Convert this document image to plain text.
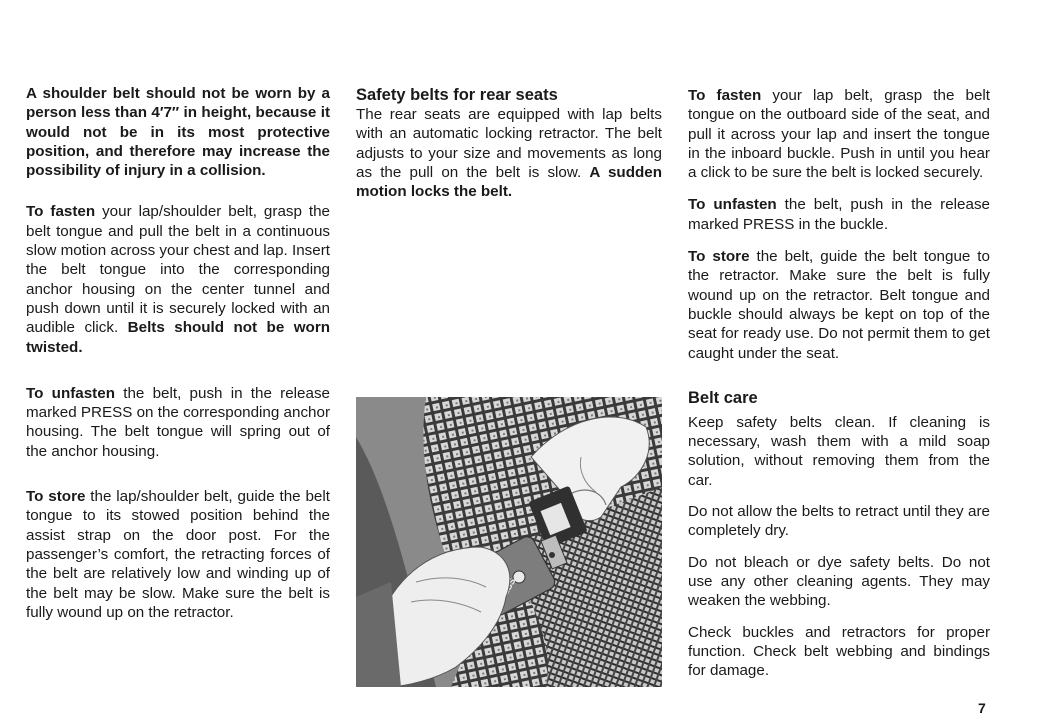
A shoulder belt should not be worn by a person less than 4′7″ in height, because it would not be in its most protective position, and therefore may increase the possibility of injury in a collision.

To fasten your lap/shoulder belt, grasp the belt tongue and pull the belt in a continuous slow motion across your chest and lap. Insert the belt tongue into the corresponding anchor housing on the center tunnel and push down until it is securely locked with an audible click. Belts should not be worn twisted.

To unfasten the belt, push in the release marked PRESS on the corresponding anchor housing. The belt tongue will spring out of the anchor housing.

To store the lap/shoulder belt, guide the belt tongue to its stowed position behind the assist strap on the door post. For the passenger’s comfort, the retracting forces of the belt are relatively low and winding up of the belt may be slow. Make sure the belt is fully wound up on the retractor.

Safety belts for rear seats

The rear seats are equipped with lap belts with an automatic locking retractor. The belt adjusts to your size and movements as long as the pull on the belt is slow. A sudden motion locks the belt.

To fasten your lap belt, grasp the belt tongue on the outboard side of the seat, and pull it across your lap and insert the tongue in the inboard buckle. Push in until you hear a click to be sure the belt is locked securely.

To unfasten the belt, push in the release marked PRESS in the buckle.

To store the belt, guide the belt tongue to the retractor. Make sure the belt is fully wound up on the retractor. Belt tongue and buckle should always be kept on top of the seat for ready use. Do not permit them to get caught under the seat.

Belt care

Keep safety belts clean. If cleaning is necessary, wash them with a mild soap solution, without removing them from the car.

Do not allow the belts to retract until they are completely dry.

Do not bleach or dye safety belts. Do not use any other cleaning agents. They may weaken the webbing.

Check buckles and retractors for proper function. Check belt webbing and bindings for damage.

7
